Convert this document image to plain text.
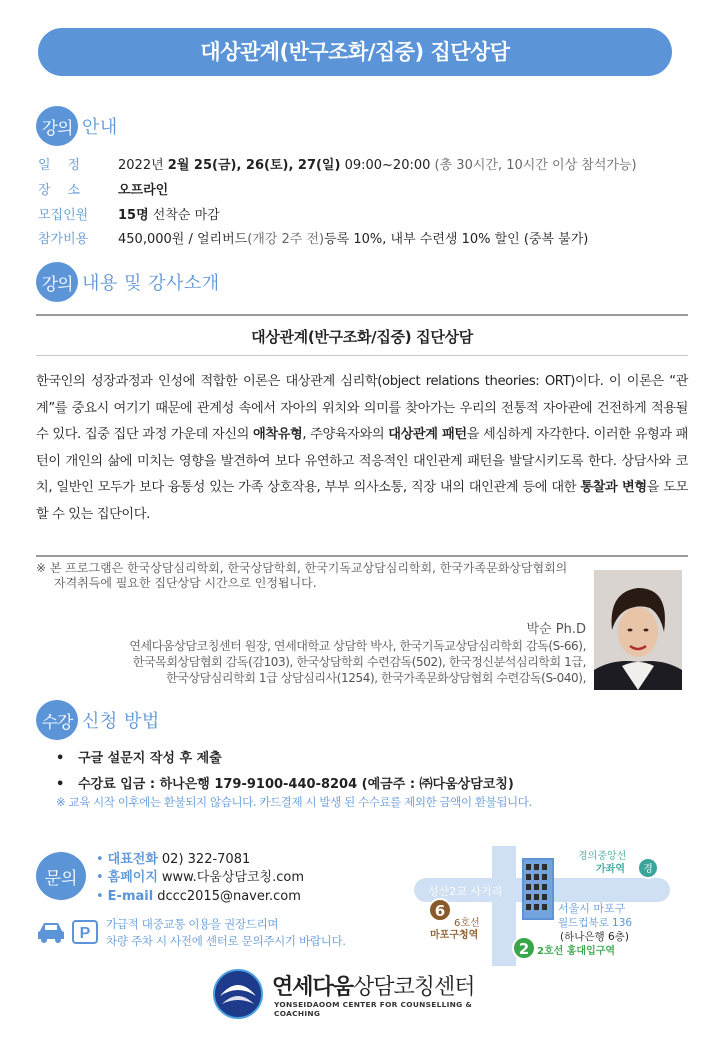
대상관계(반구조화/집중) 집단상담
강의 안내
일정	2022년 2월 25(금), 26(토), 27(일) 09:00~20:00 (총 30시간, 10시간 이상 참석가능)
장소	오프라인
모집인원	15명 선착순 마감
참가비용	450,000원 / 얼리버드(개강 2주 전)등록 10%, 내부 수련생 10% 할인 (중복 불가)
강의 내용 및 강사소개
대상관계(반구조화/집중) 집단상담
한국인의 성장과정과 인성에 적합한 이론은 대상관계 심리학(object relations theories: ORT)이다. 이 이론은 “관계”를 중요시 여기기 때문에 관계성 속에서 자아의 위치와 의미를 찾아가는 우리의 전통적 자아관에 건전하게 적용될 수 있다. 집중 집단 과정 가운데 자신의 애착유형, 주양육자와의 대상관계 패턴을 세심하게 자각한다. 이러한 유형과 패턴이 개인의 삶에 미치는 영향을 발견하여 보다 유연하고 적응적인 대인관계 패턴을 발달시키도록 한다. 상담사와 코치, 일반인 모두가 보다 융통성 있는 가족 상호작용, 부부 의사소통, 직장 내의 대인관계 등에 대한 통찰과 변형을 도모할 수 있는 집단이다.
※ 본 프로그램은 한국상담심리학회, 한국상담학회, 한국기독교상담심리학회, 한국가족문화상담협회의
자격취득에 필요한 집단상담 시간으로 인정됩니다.
박순 Ph.D
연세다움상담코칭센터 원장, 연세대학교 상담학 박사, 한국기독교상담심리학회 감독(S-66),
한국목회상담협회 감독(감103), 한국상담학회 수련감독(502), 한국정신분석심리학회 1급,
한국상담심리학회 1급 상담심리사(1254), 한국가족문화상담협회 수련감독(S-040),
수강 신청 방법
• 구글 설문지 작성 후 제출
• 수강료 입금 : 하나은행 179-9100-440-8204 (예금주 : ㈜다움상담코칭)
※ 교육 시작 이후에는 환불되지 않습니다. 카드결제 시 발생 된 수수료를 제외한 금액이 환불됩니다.
문의
• 대표전화 02) 322-7081
• 홈페이지 www.다움상담코칭.com
• E-mail dccc2015@naver.com
P
가급적 대중교통 이용을 권장드리며
차량 주차 시 사전에 센터로 문의주시기 바랍니다.
성산2교 사거리
경의중앙선
가좌역 경
서울시 마포구
월드컵북로 136
(하나은행 6층)
6
6호선
마포구청역
2 2호선 홍대입구역
연세다움상담코칭센터
YONSEIDAOOM CENTER FOR COUNSELLING & COACHING
